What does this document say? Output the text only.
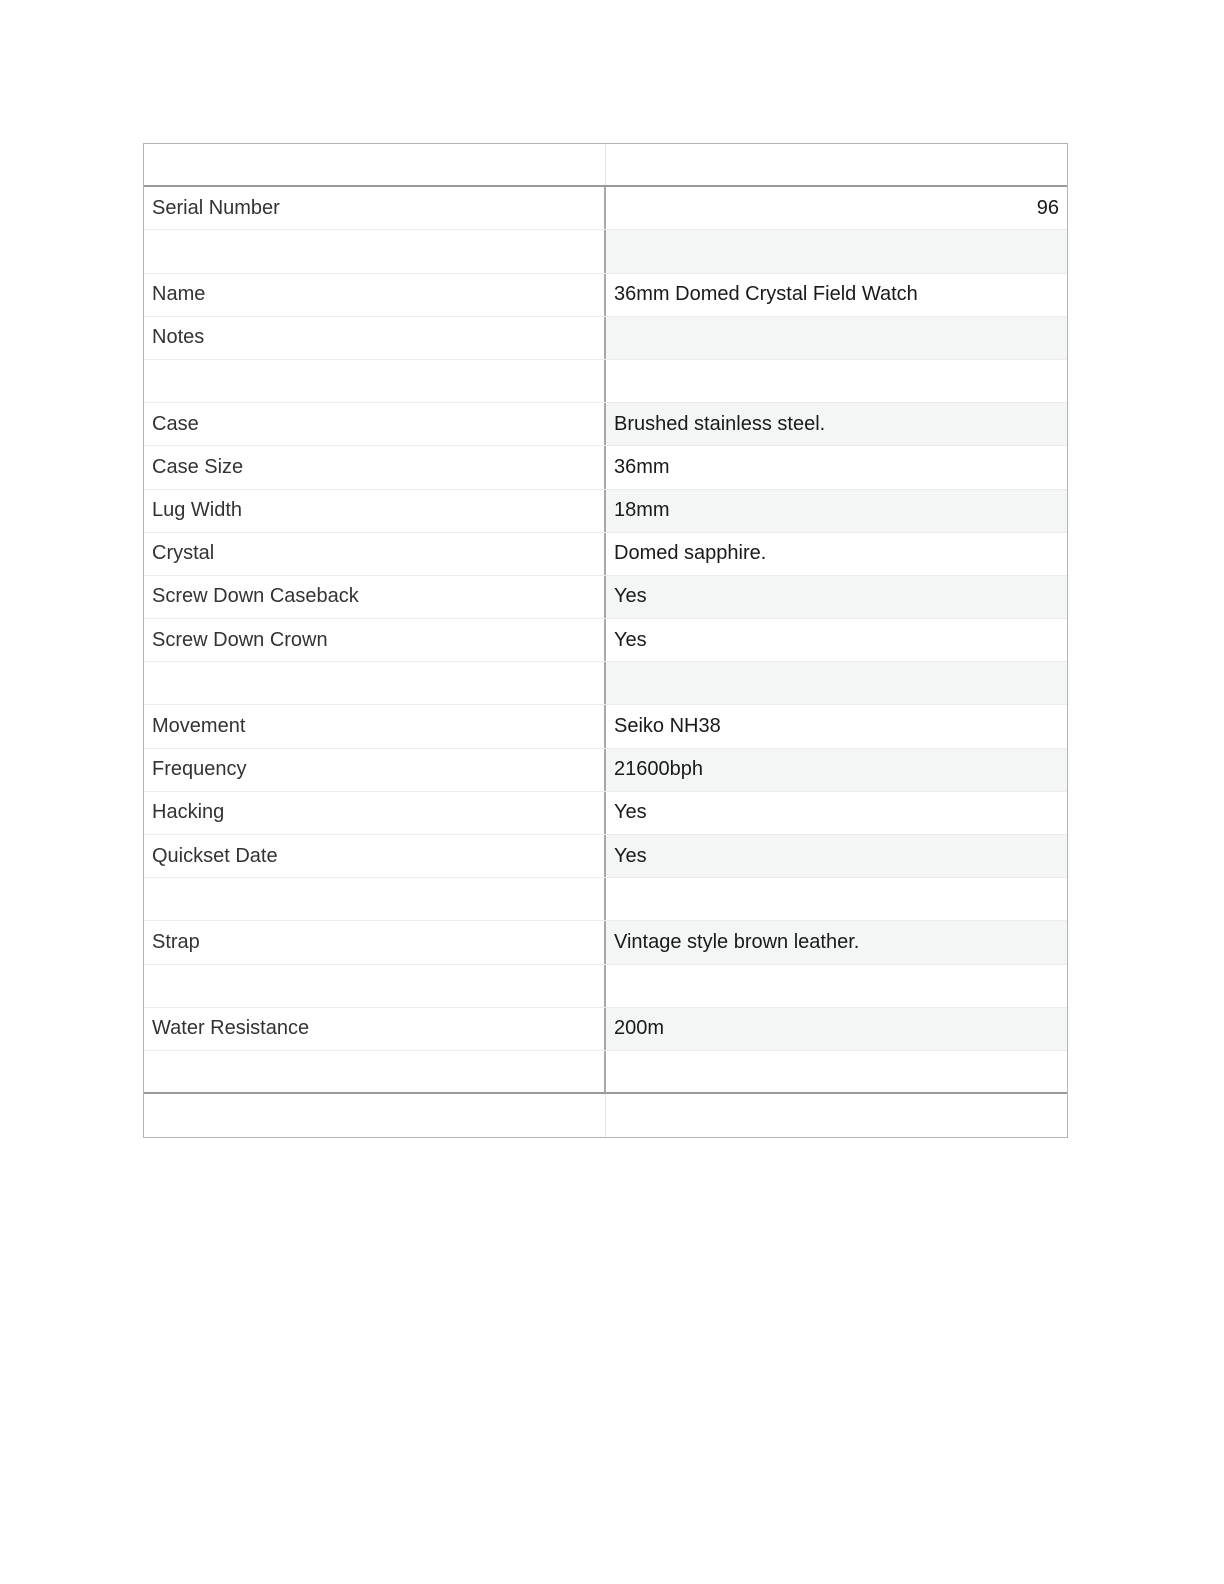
Serial Number	96
Name	36mm Domed Crystal Field Watch
Notes
Case	Brushed stainless steel.
Case Size	36mm
Lug Width	18mm
Crystal	Domed sapphire.
Screw Down Caseback	Yes
Screw Down Crown	Yes
Movement	Seiko NH38
Frequency	21600bph
Hacking	Yes
Quickset Date	Yes
Strap	Vintage style brown leather.
Water Resistance	200m
